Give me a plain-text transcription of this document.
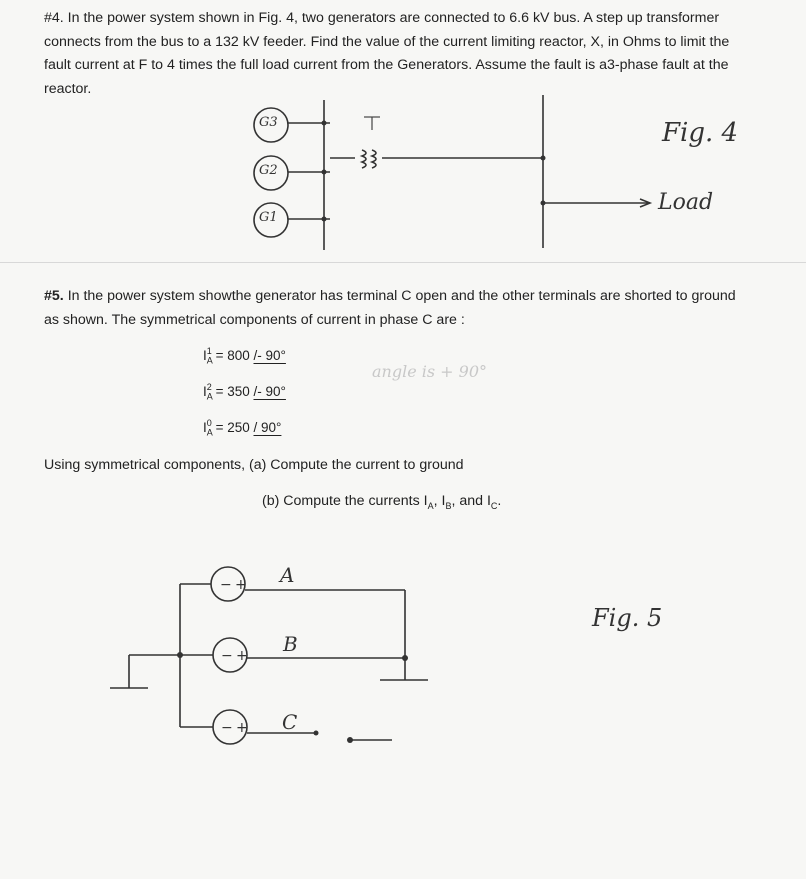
#4. In the power system shown in Fig. 4, two generators are connected to 6.6 kV bus. A step up transformer connects from the bus to a 132 kV feeder. Find the value of the current limiting reactor, X, in Ohms to limit the fault current at F to 4 times the full load current from the Generators. Assume the fault is a3-phase fault at the reactor.

G3
G2
G1
Fig. 4
Load

#5. In the power system showthe generator has terminal C open and the other terminals are shorted to ground as shown. The symmetrical components of current in phase C are :

$I_A^1 = 800 /- 90^\circ$
$I_A^2 = 350 /- 90^\circ$
$I_A^0 = 250 / 90^\circ$
angle is + 90°
Using symmetrical components, (a) Compute the current to ground
(b) Compute the currents $I_A$, $I_B$, and $I_C$.
− +
− +
− +
A
B
C
Fig. 5
